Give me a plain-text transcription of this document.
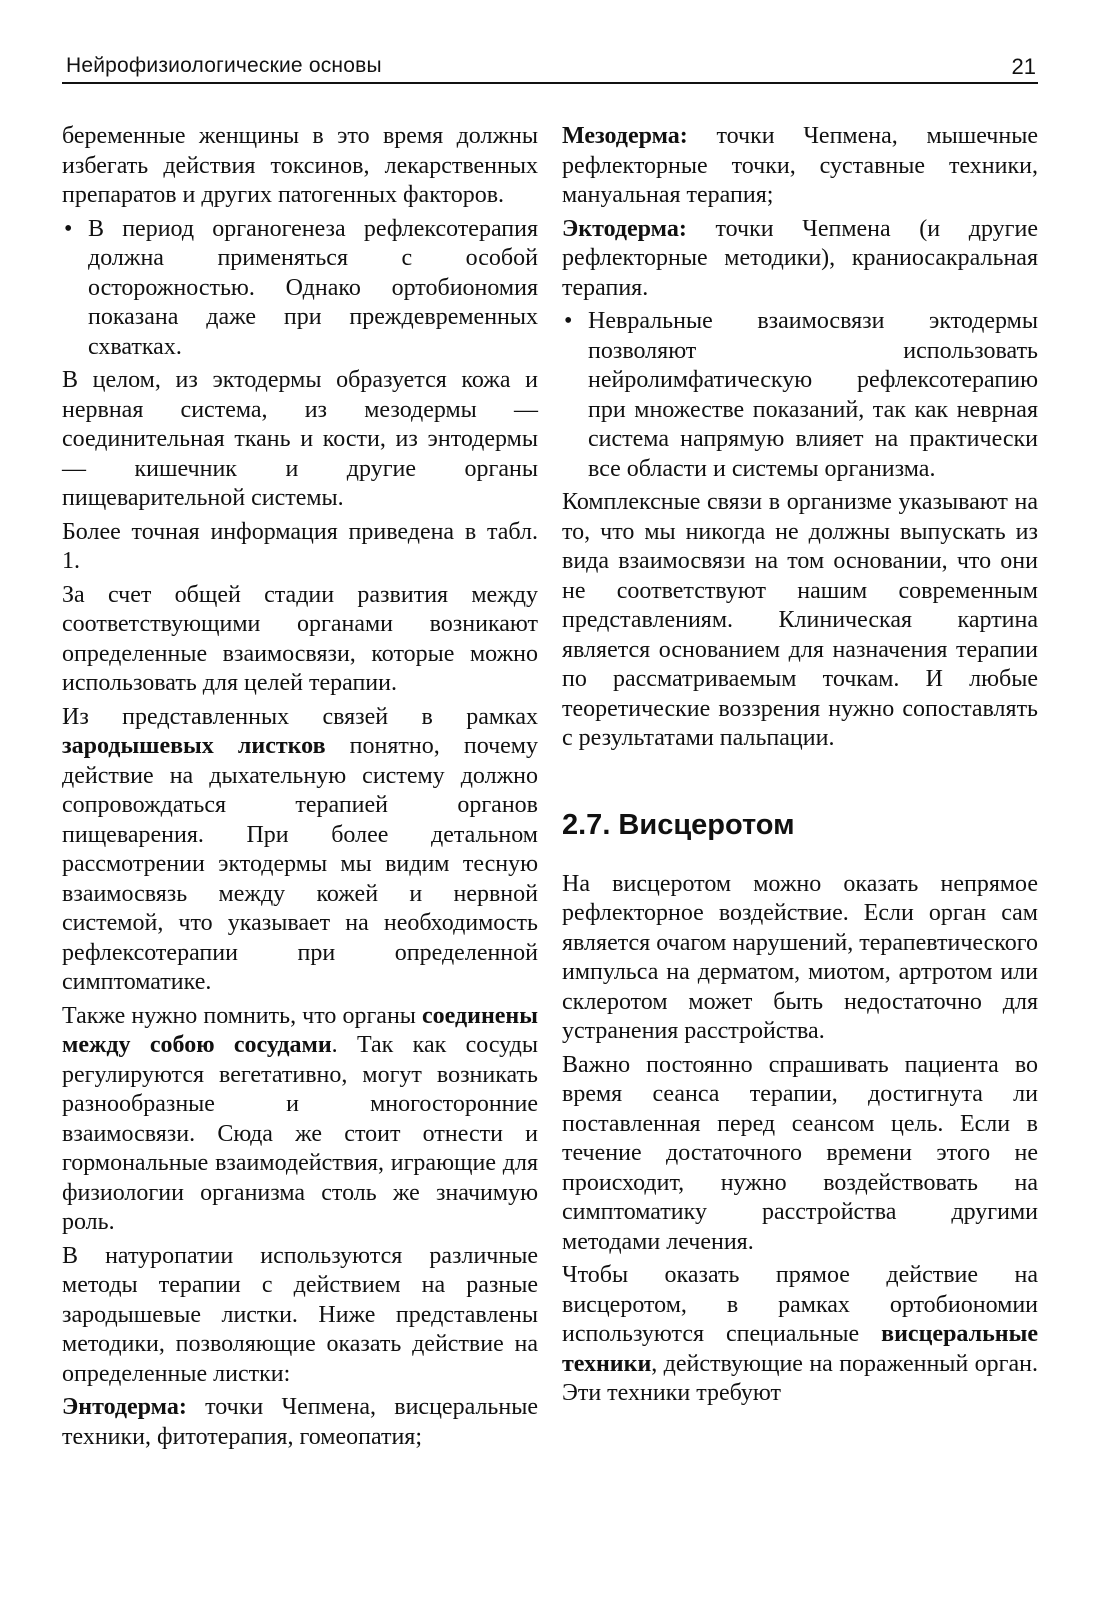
Нейрофизиологические основы	21

беременные женщины в это время должны избегать действия токсинов, лекарственных препаратов и других патогенных факторов.

• В период органогенеза рефлексотерапия должна применяться с особой осторожностью. Однако ортобиономия показана даже при преждевременных схватках.

В целом, из эктодермы образуется кожа и нервная система, из мезодермы — соединительная ткань и кости, из энтодермы — кишечник и другие органы пищеварительной системы.

Более точная информация приведена в табл. 1.

За счет общей стадии развития между соответствующими органами возникают определенные взаимосвязи, которые можно использовать для целей терапии.

Из представленных связей в рамках зародышевых листков понятно, почему действие на дыхательную систему должно сопровождаться терапией органов пищеварения. При более детальном рассмотрении эктодермы мы видим тесную взаимосвязь между кожей и нервной системой, что указывает на необходимость рефлексотерапии при определенной симптоматике.

Также нужно помнить, что органы соединены между собою сосудами. Так как сосуды регулируются вегетативно, могут возникать разнообразные и многосторонние взаимосвязи. Сюда же стоит отнести и гормональные взаимодействия, играющие для физиологии организма столь же значимую роль.

В натуропатии используются различные методы терапии с действием на разные зародышевые листки. Ниже представлены методики, позволяющие оказать действие на определенные листки:

Энтодерма: точки Чепмена, висцеральные техники, фитотерапия, гомеопатия;

Мезодерма: точки Чепмена, мышечные рефлекторные точки, суставные техники, мануальная терапия;

Эктодерма: точки Чепмена (и другие рефлекторные методики), краниосакральная терапия.

• Невральные взаимосвязи эктодермы позволяют использовать нейролимфатическую рефлексотерапию при множестве показаний, так как неврная система напрямую влияет на практически все области и системы организма.

Комплексные связи в организме указывают на то, что мы никогда не должны выпускать из вида взаимосвязи на том основании, что они не соответствуют нашим современным представлениям. Клиническая картина является основанием для назначения терапии по рассматриваемым точкам. И любые теоретические воззрения нужно сопоставлять с результатами пальпации.

2.7. Висцеротом

На висцеротом можно оказать непрямое рефлекторное воздействие. Если орган сам является очагом нарушений, терапевтического импульса на дерматом, миотом, артротом или склеротом может быть недостаточно для устранения расстройства.

Важно постоянно спрашивать пациента во время сеанса терапии, достигнута ли поставленная перед сеансом цель. Если в течение достаточного времени этого не происходит, нужно воздействовать на симптоматику расстройства другими методами лечения.

Чтобы оказать прямое действие на висцеротом, в рамках ортобиономии используются специальные висцеральные техники, действующие на пораженный орган. Эти техники требуют
